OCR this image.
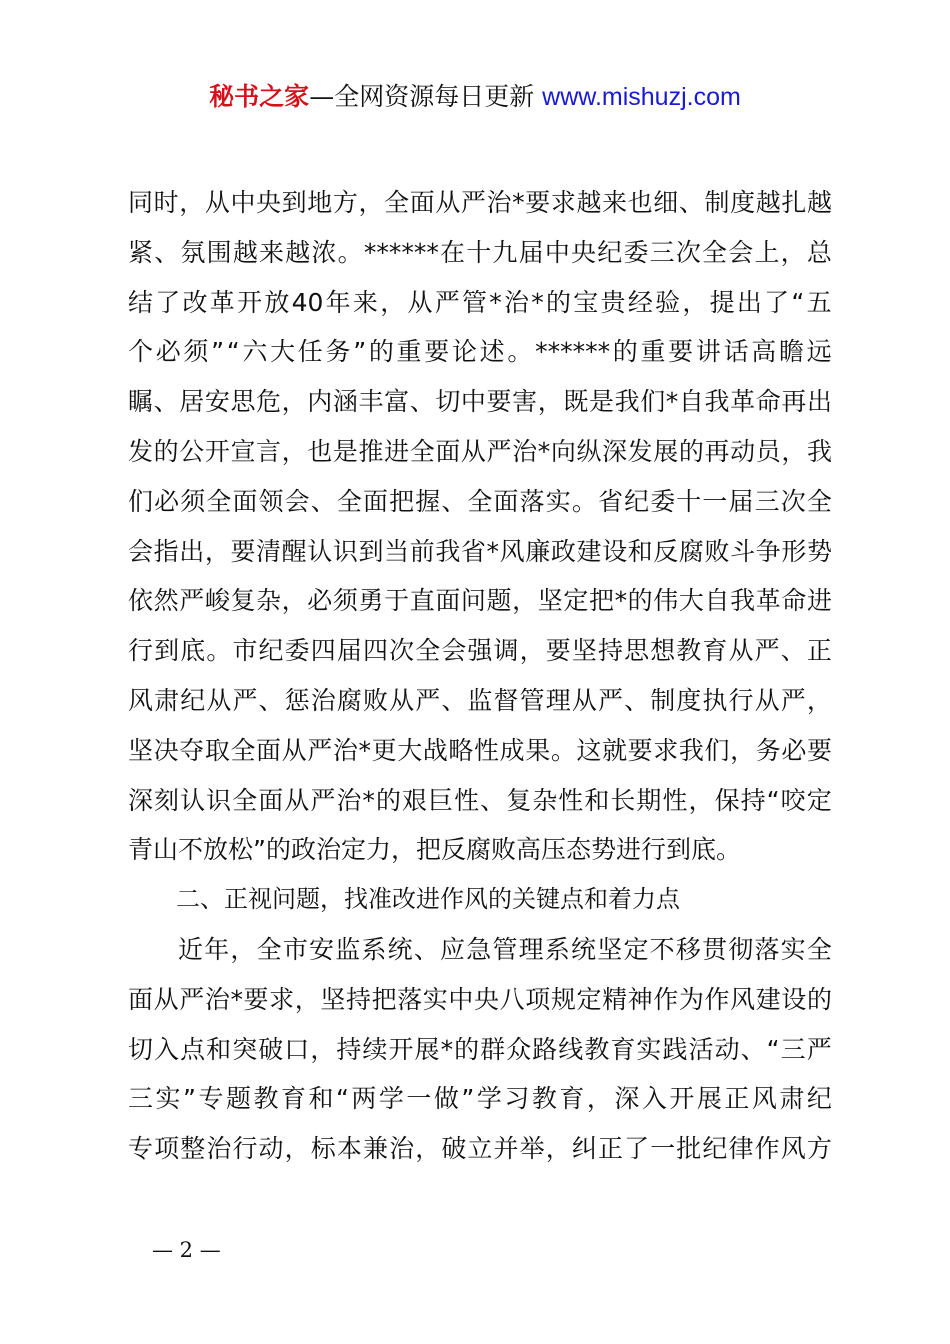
秘书之家—全网资源每日更新 www.mishuzj.com
同 时 ， 从 中 央 到 地 方 ， 全 面 从 严 治 * 要 求 越 来 也 细 、 制 度 越 扎 越
紧 、 氛 围 越 来 越 浓 。 ****** 在 十 九 届 中 央 纪 委 三 次 全 会 上 ， 总
结 了 改 革 开 放 40 年 来 ， 从 严 管 * 治 * 的 宝 贵 经 验 ， 提 出 了 “ 五
个 必 须 ” “ 六 大 任 务 ” 的 重 要 论 述 。 ****** 的 重 要 讲 话 高 瞻 远
瞩 、 居 安 思 危 ， 内 涵 丰 富 、 切 中 要 害 ， 既 是 我 们 * 自 我 革 命 再 出
发 的 公 开 宣 言 ， 也 是 推 进 全 面 从 严 治 * 向 纵 深 发 展 的 再 动 员 ， 我
们 必 须 全 面 领 会 、 全 面 把 握 、 全 面 落 实 。 省 纪 委 十 一 届 三 次 全
会 指 出 ， 要 清 醒 认 识 到 当 前 我 省 * 风 廉 政 建 设 和 反 腐 败 斗 争 形 势
依 然 严 峻 复 杂 ， 必 须 勇 于 直 面 问 题 ， 坚 定 把 * 的 伟 大 自 我 革 命 进
行 到 底 。 市 纪 委 四 届 四 次 全 会 强 调 ， 要 坚 持 思 想 教 育 从 严 、 正
风 肃 纪 从 严 、 惩 治 腐 败 从 严 、 监 督 管 理 从 严 、 制 度 执 行 从 严 ，
坚 决 夺 取 全 面 从 严 治 * 更 大 战 略 性 成 果 。 这 就 要 求 我 们 ， 务 必 要
深 刻 认 识 全 面 从 严 治 * 的 艰 巨 性 、 复 杂 性 和 长 期 性 ， 保 持 “ 咬 定
青山不放松”的政治定力，把反腐败高压态势进行到底。
二、正视问题，找准改进作风的关键点和着力点
近 年 ， 全 市 安 监 系 统 、 应 急 管 理 系 统 坚 定 不 移 贯 彻 落 实 全
面 从 严 治 * 要 求 ， 坚 持 把 落 实 中 央 八 项 规 定 精 神 作 为 作 风 建 设 的
切 入 点 和 突 破 口 ， 持 续 开 展 * 的 群 众 路 线 教 育 实 践 活 动 、 “ 三 严
三 实 ” 专 题 教 育 和 “ 两 学 一 做 ” 学 习 教 育 ， 深 入 开 展 正 风 肃 纪
专 项 整 治 行 动 ， 标 本 兼 治 ， 破 立 并 举 ， 纠 正 了 一 批 纪 律 作 风 方
— 2 —
